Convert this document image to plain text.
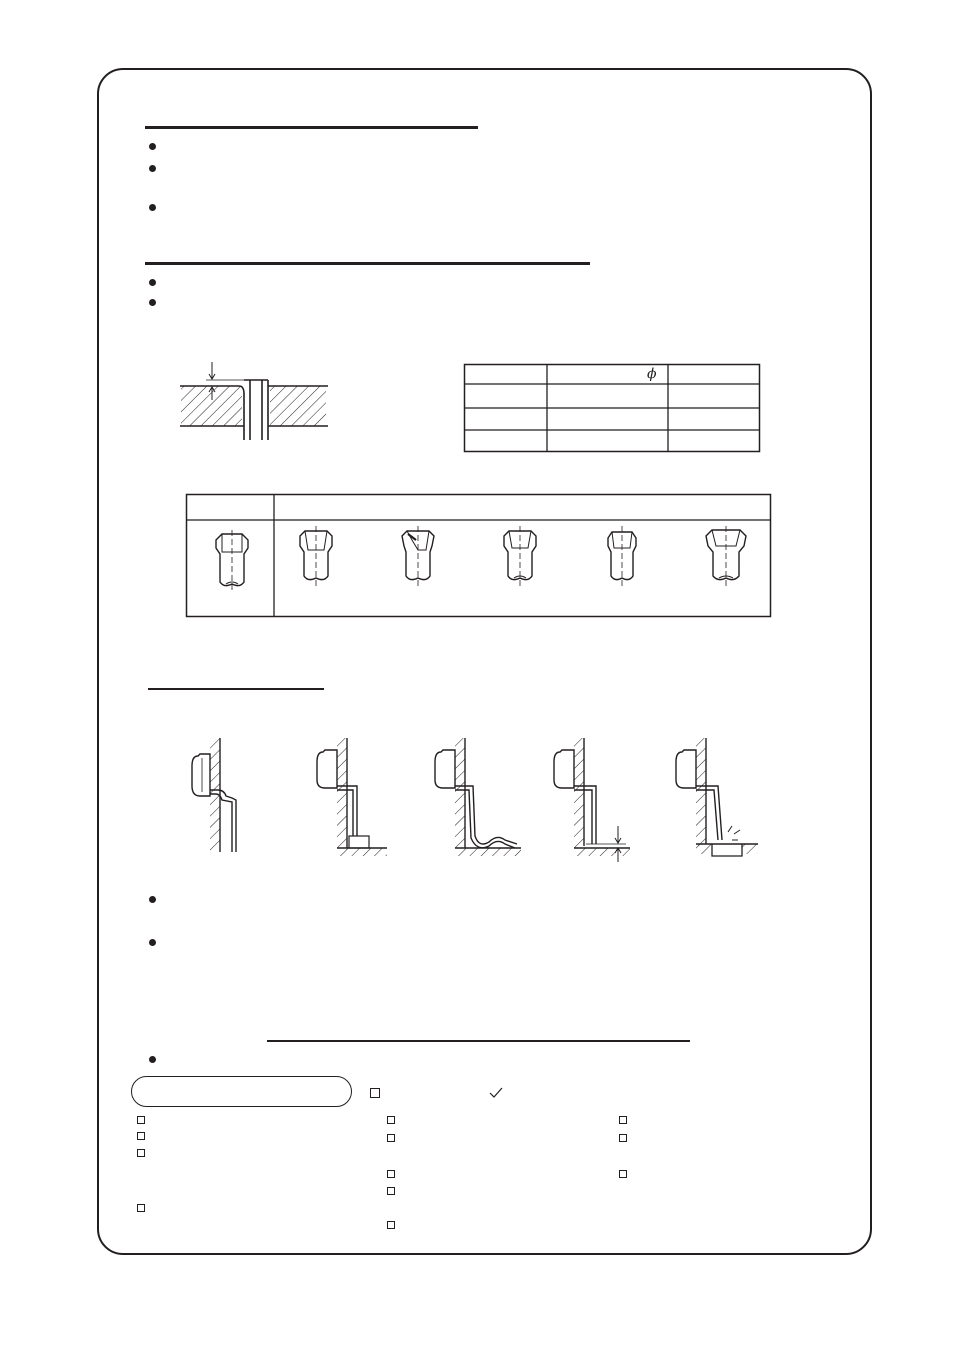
ϕ
